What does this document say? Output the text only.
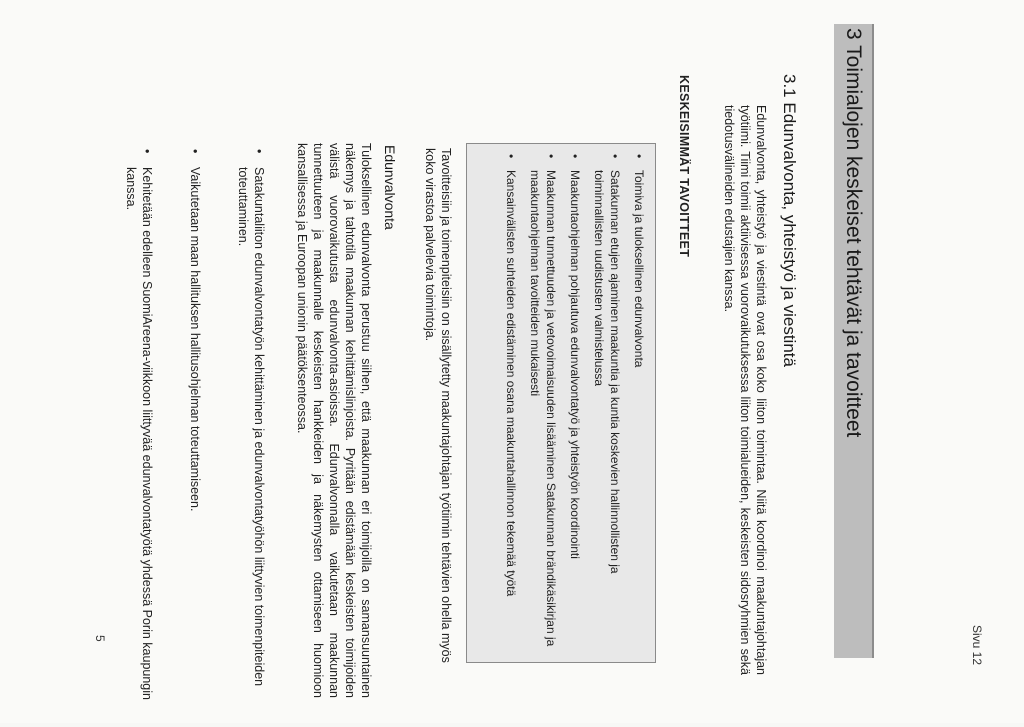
Sivu 12
3 Toimialojen keskeiset tehtävät ja tavoitteet
3.1 Edunvalvonta, yhteistyö ja viestintä
Edunvalvonta, yhteistyö ja viestintä ovat osa koko liiton toimintaa. Niitä koordinoi maakuntajohtajan työtiimi. Tiimi toimii aktiivisessa vuorovaikutuksessa liiton toimialueiden, keskeisten sidosryhmien sekä tiedotusvälineiden edustajien kanssa.
KESKEISIMMÄT TAVOITTEET
• Toimiva ja tuloksellinen edunvalvonta
• Satakunnan etujen ajaminen maakuntia ja kuntia koskevien hallinnollisten ja toiminnallisten uudistusten valmistelussa
• Maakuntaohjelman pohjautuva edunvalvontatyö ja yhteistyön koordinointi
• Maakunnan tunnettuuden ja vetovoimaisuuden lisääminen Satakunnan brändikäsikirjan ja maakuntaohjelman tavoitteiden mukaisesti
• Kansainvälisten suhteiden edistäminen osana maakuntahallinnon tekemää työtä
Tavoitteisiin ja toimenpiteisiin on sisällytetty maakuntajohtajan työtiimin tehtävien ohella myös koko virastoa palvelevia toimintoja.
Edunvalvonta
Tuloksellinen edunvalvonta perustuu siihen, että maakunnan eri toimijoilla on samansuuntainen näkemys ja tahtotila maakunnan kehittämislinjoista. Pyritään edistämään keskeisten toimijoiden välistä vuorovaikutusta edunvalvonta-asioissa. Edunvalvonnalla vaikutetaan maakunnan tunnettuuteen ja maakunnalle keskeisten hankkeiden ja näkemysten ottamiseen huomioon kansallisessa ja Euroopan unionin päätöksenteossa.
• Satakuntaliiton edunvalvontatyön kehittäminen ja edunvalvontatyöhön liittyvien toimenpiteiden toteuttaminen.
• Vaikutetaan maan hallituksen hallitusohjelman toteuttamiseen.
• Kehitetään edelleen SuomiAreena-viikkoon liittyvää edunvalvontatyötä yhdessä Porin kaupungin kanssa.
5
